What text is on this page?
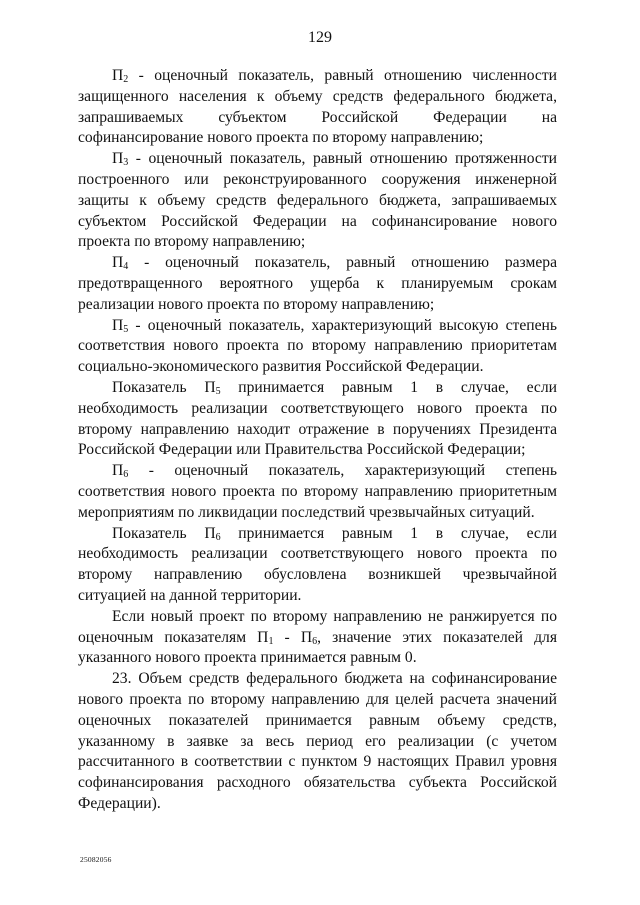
129

$П_2$ - оценочный показатель, равный отношению численности защищенного населения к объему средств федерального бюджета, запрашиваемых субъектом Российской Федерации на софинансирование нового проекта по второму направлению;

$П_3$ - оценочный показатель, равный отношению протяженности построенного или реконструированного сооружения инженерной защиты к объему средств федерального бюджета, запрашиваемых субъектом Российской Федерации на софинансирование нового проекта по второму направлению;

$П_4$ - оценочный показатель, равный отношению размера предотвращенного вероятного ущерба к планируемым срокам реализации нового проекта по второму направлению;

$П_5$ - оценочный показатель, характеризующий высокую степень соответствия нового проекта по второму направлению приоритетам социально-экономического развития Российской Федерации.

Показатель $П_5$ принимается равным 1 в случае, если необходимость реализации соответствующего нового проекта по второму направлению находит отражение в поручениях Президента Российской Федерации или Правительства Российской Федерации;

$П_6$ - оценочный показатель, характеризующий степень соответствия нового проекта по второму направлению приоритетным мероприятиям по ликвидации последствий чрезвычайных ситуаций.

Показатель $П_6$ принимается равным 1 в случае, если необходимость реализации соответствующего нового проекта по второму направлению обусловлена возникшей чрезвычайной ситуацией на данной территории.

Если новый проект по второму направлению не ранжируется по оценочным показателям $П_1 - П_6$, значение этих показателей для указанного нового проекта принимается равным 0.

23. Объем средств федерального бюджета на софинансирование нового проекта по второму направлению для целей расчета значений оценочных показателей принимается равным объему средств, указанному в заявке за весь период его реализации (с учетом рассчитанного в соответствии с пунктом 9 настоящих Правил уровня софинансирования расходного обязательства субъекта Российской Федерации).

25082056
